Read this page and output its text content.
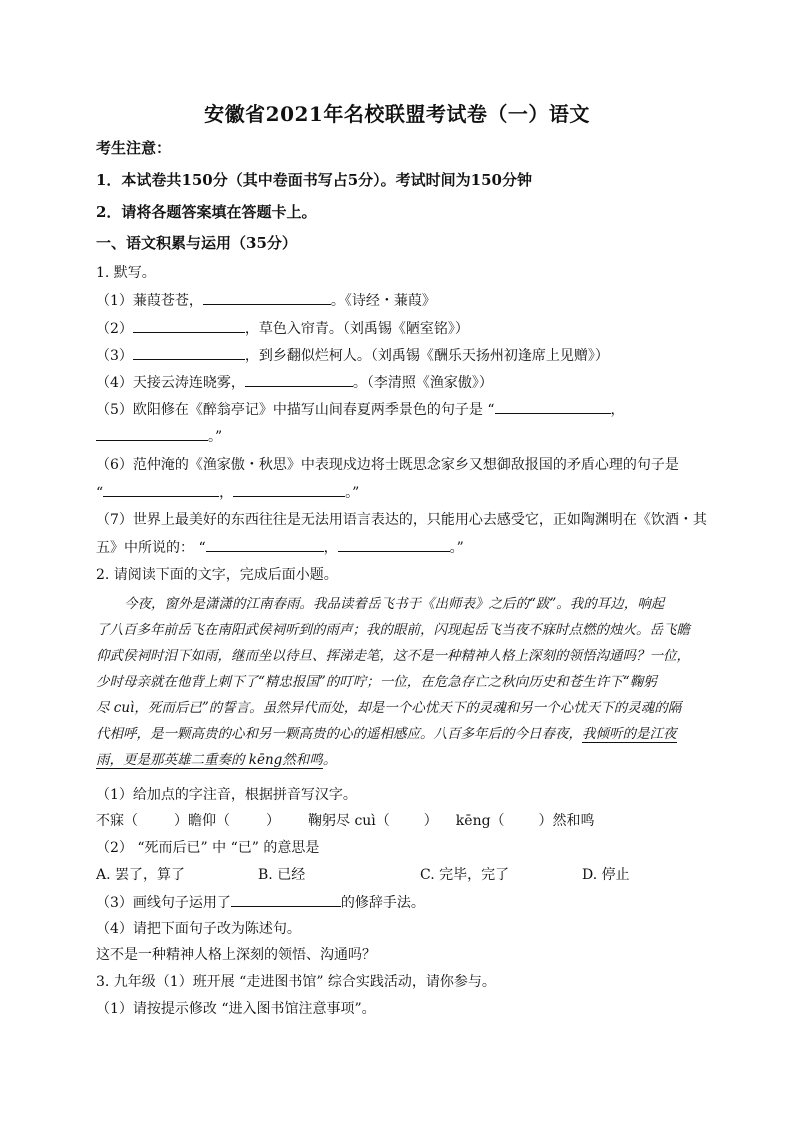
安徽省2021年名校联盟考试卷（一）语文
考生注意：
1．本试卷共150分（其中卷面书写占5分）。考试时间为150分钟
2．请将各题答案填在答题卡上。
一、语文积累与运用（35分）
1. 默写。
（1）蒹葭苍苍，	。《诗经・蒹葭》
（2）	，草色入帘青。（刘禹锡《陋室铭》）
（3）	，到乡翻似烂柯人。（刘禹锡《酬乐天扬州初逢席上见赠》）
（4）天接云涛连晓雾，	。（李清照《渔家傲》）
（5）欧阳修在《醉翁亭记》中描写山间春夏两季景色的句子是 “	，
。”
（6）范仲淹的《渔家傲・秋思》中表现戍边将士既思念家乡又想御敌报国的矛盾心理的句子是
“	，	。”
（7）世界上最美好的东西往往是无法用语言表达的，只能用心去感受它，正如陶渊明在《饮酒・其
五》中所说的： “	，	。”
2. 请阅读下面的文字，完成后面小题。
今夜，窗外是潇潇的江南春雨。我品读着岳飞书于《出师表》之后的“跋”。我的耳边，响起
了八百多年前岳飞在南阳武侯祠听到的雨声；我的眼前，闪现起岳飞当夜不寐时点燃的烛火。岳飞瞻
仰武侯祠时泪下如雨，继而坐以待旦、挥涕走笔，这不是一种精神人格上深刻的领悟沟通吗？一位，
少时母亲就在他背上刺下了“精忠报国”的叮咛；一位，在危急存亡之秋向历史和苍生许下“鞠躬
尽 cuì，死而后已”的誓言。虽然异代而处，却是一个心忧天下的灵魂和另一个心忧天下的灵魂的隔
代相呼，是一颗高贵的心和另一颗高贵的心的遥相感应。八百多年后的今日春夜，我倾听的是江夜
雨，更是那英雄二重奏的 kēng然和鸣。
（1）给加点的字注音，根据拼音写汉字。
不寐（	）瞻仰（	） 鞠躬尽 cuì（ ） kēng（ ）然和鸣
（2） “死而后已” 中 “已” 的意思是
A. 罢了，算了	B. 已经	C. 完毕，完了	D. 停止
（3）画线句子运用了	的修辞手法。
（4）请把下面句子改为陈述句。
这不是一种精神人格上深刻的领悟、沟通吗？
3. 九年级（1）班开展 “走进图书馆” 综合实践活动，请你参与。
（1）请按提示修改 “进入图书馆注意事项”。
